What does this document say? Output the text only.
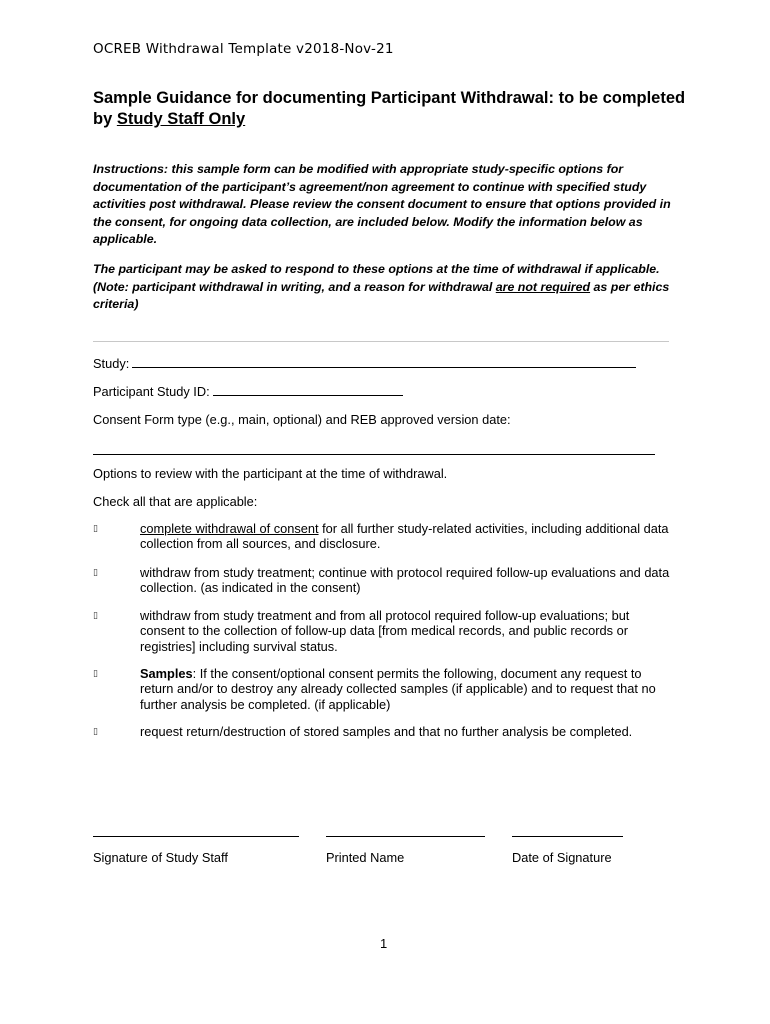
OCREB Withdrawal Template v2018-Nov-21
Sample Guidance for documenting Participant Withdrawal: to be completed by Study Staff Only
Instructions: this sample form can be modified with appropriate study-specific options for documentation of the participant’s agreement/non agreement to continue with specified study activities post withdrawal. Please review the consent document to ensure that options provided in the consent, for ongoing data collection, are included below. Modify the information below as applicable.
The participant may be asked to respond to these options at the time of withdrawal if applicable. (Note: participant withdrawal in writing, and a reason for withdrawal are not required as per ethics criteria)
Study:
Participant Study ID:
Consent Form type (e.g., main, optional) and REB approved version date:
Options to review with the participant at the time of withdrawal.
Check all that are applicable:
▯	complete withdrawal of consent for all further study-related activities, including additional data collection from all sources, and disclosure.
▯	withdraw from study treatment; continue with protocol required follow-up evaluations and data collection. (as indicated in the consent)
▯	withdraw from study treatment and from all protocol required follow-up evaluations; but consent to the collection of follow-up data [from medical records, and public records or registries] including survival status.
▯	Samples: If the consent/optional consent permits the following, document any request to return and/or to destroy any already collected samples (if applicable) and to request that no further analysis be completed. (if applicable)
▯	request return/destruction of stored samples and that no further analysis be completed.
Signature of Study Staff	Printed Name	Date of Signature
1
